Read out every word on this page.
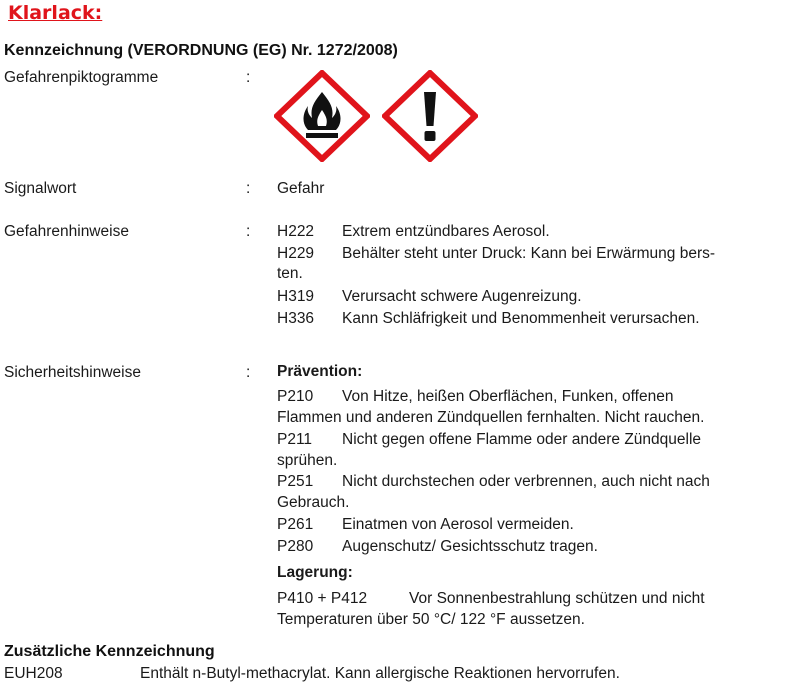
Klarlack:
Kennzeichnung (VERORDNUNG (EG) Nr. 1272/2008)
Gefahrenpiktogramme	:
Signalwort	: Gefahr
Gefahrenhinweise	: H222 Extrem entzündbares Aerosol.
H229 Behälter steht unter Druck: Kann bei Erwärmung bers-
ten.
H319 Verursacht schwere Augenreizung.
H336 Kann Schläfrigkeit und Benommenheit verursachen.
Sicherheitshinweise	: Prävention:
P210 Von Hitze, heißen Oberflächen, Funken, offenen
Flammen und anderen Zündquellen fernhalten. Nicht rauchen.
P211 Nicht gegen offene Flamme oder andere Zündquelle
sprühen.
P251 Nicht durchstechen oder verbrennen, auch nicht nach
Gebrauch.
P261 Einatmen von Aerosol vermeiden.
P280 Augenschutz/ Gesichtsschutz tragen.
Lagerung:
P410 + P412	Vor Sonnenbestrahlung schützen und nicht
Temperaturen über 50 °C/ 122 °F aussetzen.
Zusätzliche Kennzeichnung
EUH208	Enthält n-Butyl-methacrylat. Kann allergische Reaktionen hervorrufen.
